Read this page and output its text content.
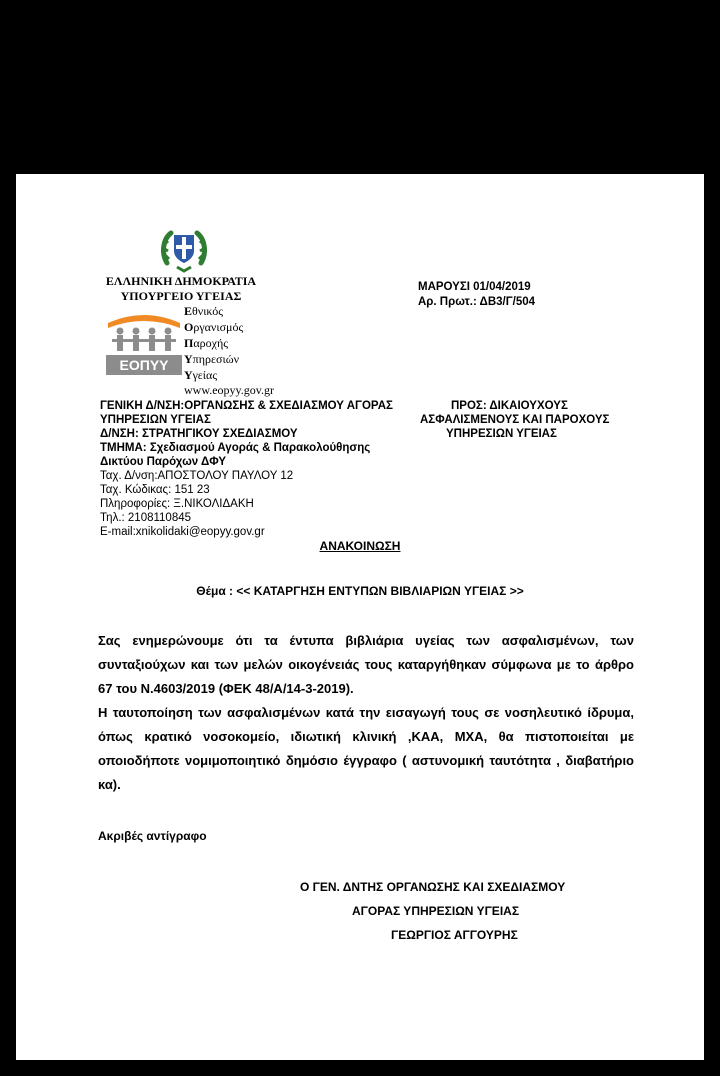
ΕΛΛΗΝΙΚΗ ΔΗΜΟΚΡΑΤΙΑ
ΥΠΟΥΡΓΕΙΟ ΥΓΕΙΑΣ
ΕΟΠΥΥ
Εθνικός
Οργανισμός
Παροχής
Υπηρεσιών
Υγείας
www.eopyy.gov.gr
ΜΑΡΟΥΣΙ 01/04/2019
Αρ. Πρωτ.: ΔΒ3/Γ/504
ΓΕΝΙΚΗ Δ/ΝΣΗ:ΟΡΓΑΝΩΣΗΣ & ΣΧΕΔΙΑΣΜΟΥ ΑΓΟΡΑΣ
ΥΠΗΡΕΣΙΩΝ ΥΓΕΙΑΣ
Δ/ΝΣΗ: ΣΤΡΑΤΗΓΙΚΟΥ ΣΧΕΔΙΑΣΜΟΥ
ΤΜΗΜΑ: Σχεδιασμού Αγοράς & Παρακολούθησης
Δικτύου Παρόχων ΔΦΥ
Ταχ. Δ/νση:ΑΠΟΣΤΟΛΟΥ ΠΑΥΛΟΥ 12
Ταχ. Κώδικας: 151 23
Πληροφορίες: Ξ.ΝΙΚΟΛΙΔΑΚΗ
Τηλ.: 2108110845
E-mail:xnikolidaki@eopyy.gov.gr
ΠΡΟΣ: ΔΙΚΑΙΟΥΧΟΥΣ
ΑΣΦΑΛΙΣΜΕΝΟΥΣ ΚΑΙ ΠΑΡΟΧΟΥΣ
ΥΠΗΡΕΣΙΩΝ ΥΓΕΙΑΣ
ΑΝΑΚΟΙΝΩΣΗ
Θέμα : << ΚΑΤΑΡΓΗΣΗ ΕΝΤΥΠΩΝ ΒΙΒΛΙΑΡΙΩΝ ΥΓΕΙΑΣ >>

Σας ενημερώνουμε ότι τα έντυπα βιβλιάρια υγείας των ασφαλισμένων, των συνταξιούχων και των μελών οικογένειάς τους καταργήθηκαν σύμφωνα με το άρθρο 67 του Ν.4603/2019 (ΦΕΚ 48/Α/14-3-2019).

Η ταυτοποίηση των ασφαλισμένων κατά την εισαγωγή τους σε νοσηλευτικό ίδρυμα, όπως κρατικό νοσοκομείο, ιδιωτική κλινική ,ΚΑΑ, ΜΧΑ, θα πιστοποιείται με οποιοδήποτε νομιμοποιητικό δημόσιο έγγραφο ( αστυνομική ταυτότητα , διαβατήριο κα).

Ακριβές αντίγραφο
Ο ΓΕΝ. ΔΝΤΗΣ ΟΡΓΑΝΩΣΗΣ ΚΑΙ ΣΧΕΔΙΑΣΜΟΥ
ΑΓΟΡΑΣ ΥΠΗΡΕΣΙΩΝ ΥΓΕΙΑΣ
ΓΕΩΡΓΙΟΣ ΑΓΓΟΥΡΗΣ
